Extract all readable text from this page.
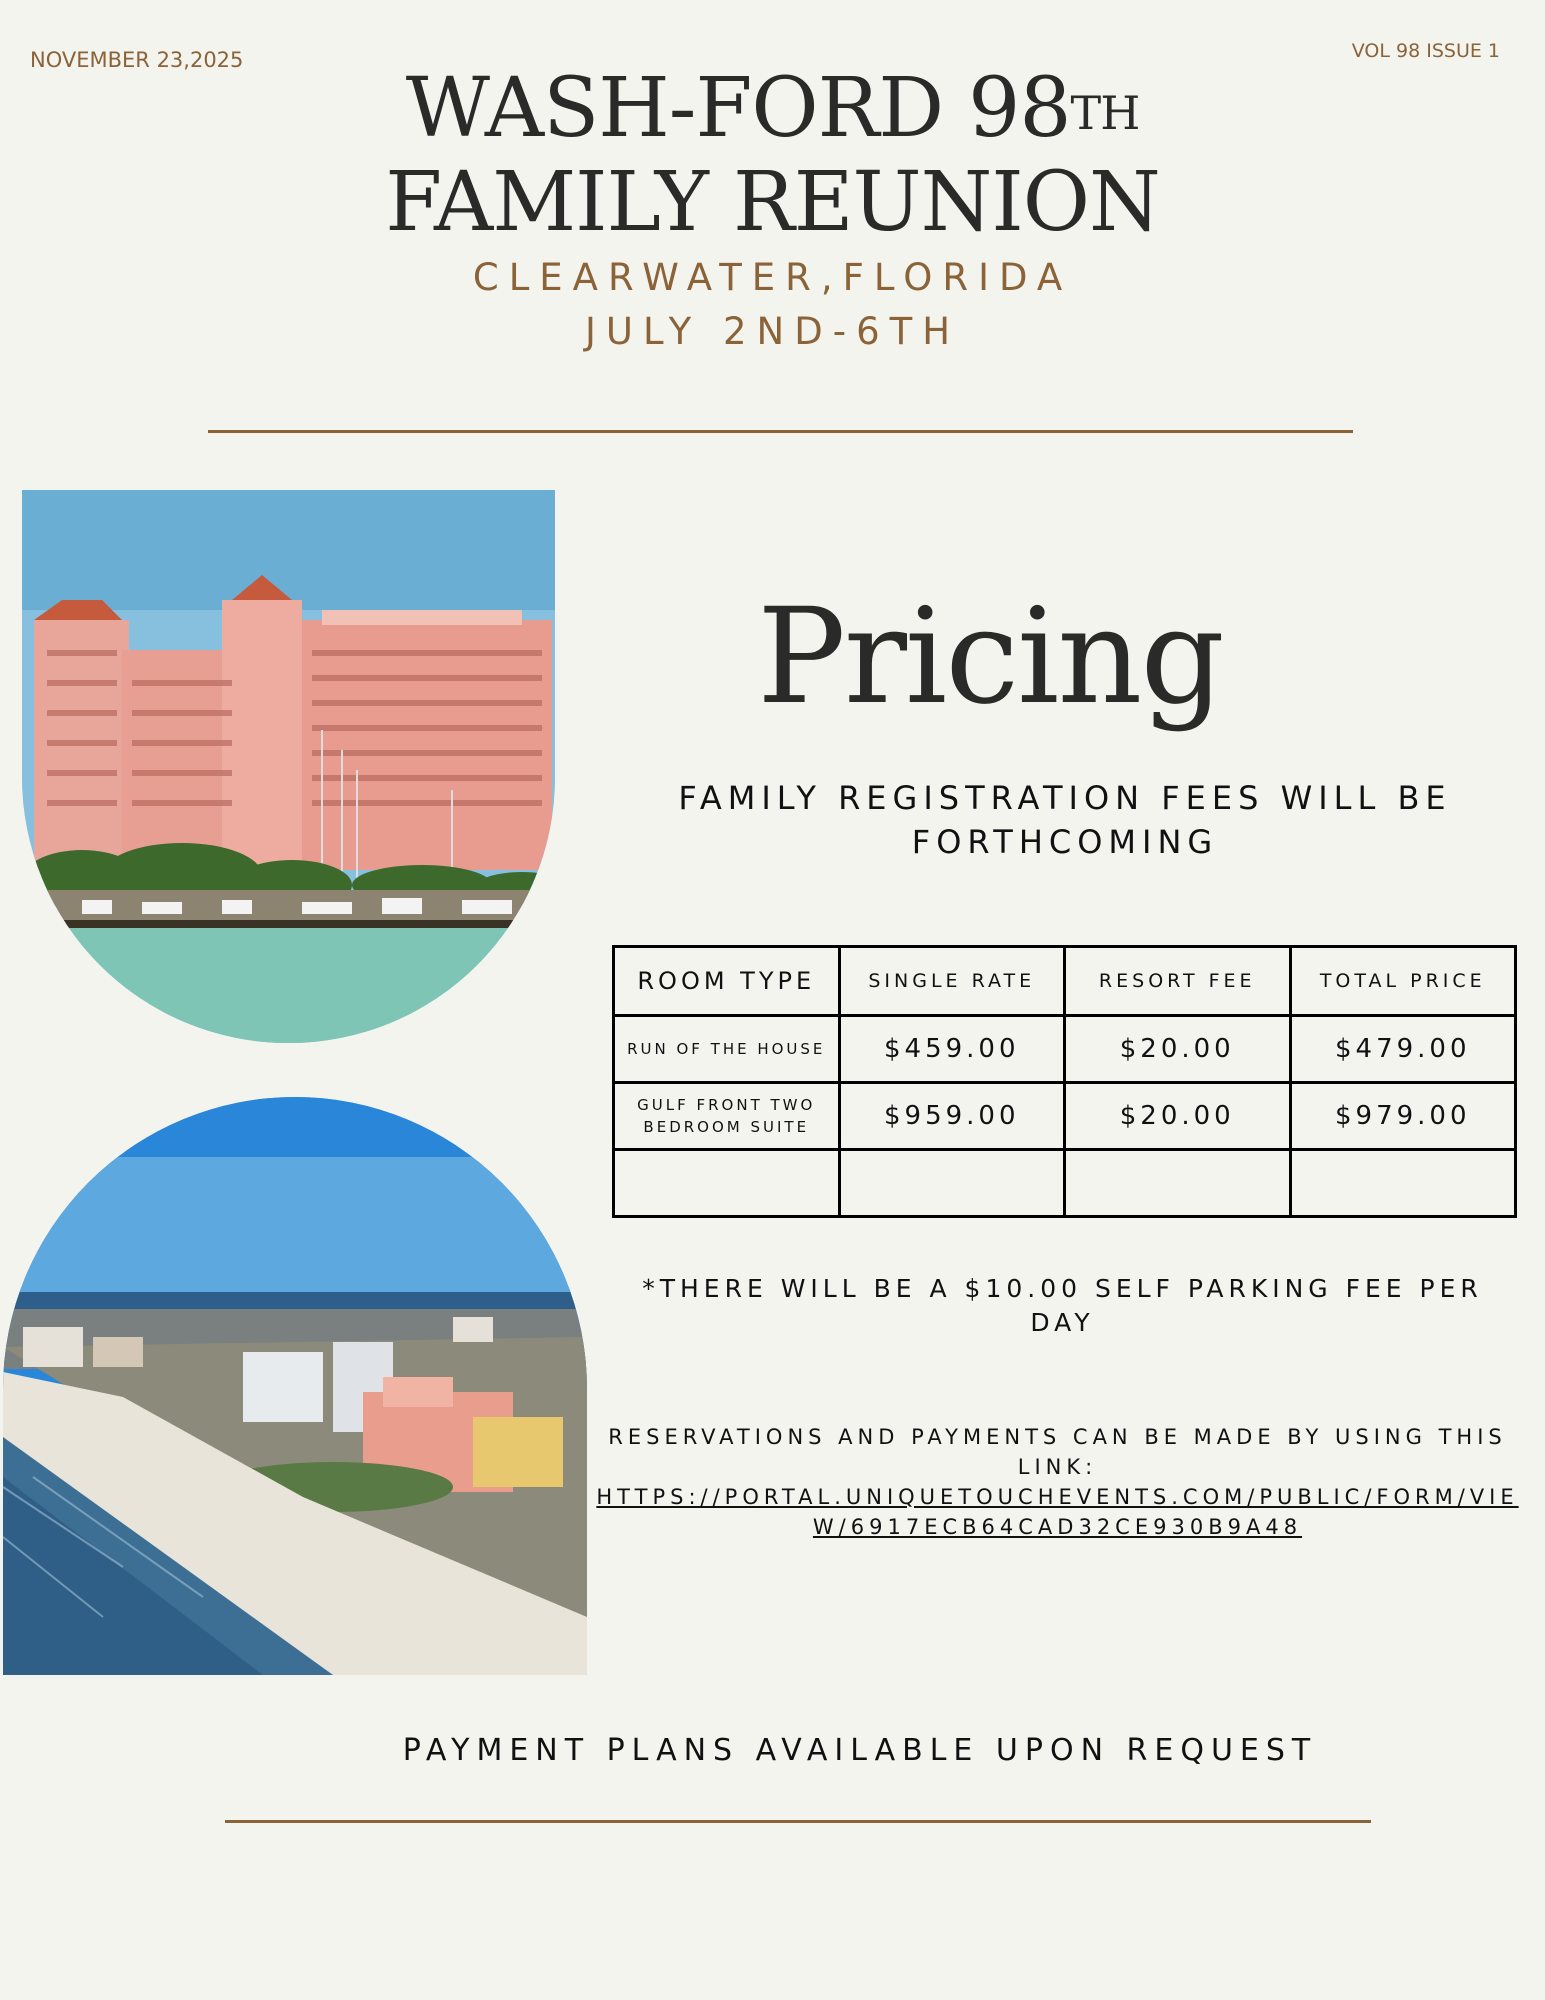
NOVEMBER 23,2025	VOL 98 ISSUE 1
WASH-FORD 98TH
FAMILY REUNION
CLEARWATER,FLORIDA
JULY 2ND-6TH
Pricing
FAMILY REGISTRATION FEES WILL BE FORTHCOMING
ROOM TYPE	SINGLE RATE	RESORT FEE	TOTAL PRICE
RUN OF THE HOUSE	$459.00	$20.00	$479.00
GULF FRONT TWO BEDROOM SUITE	$959.00	$20.00	$979.00

*THERE WILL BE A $10.00 SELF PARKING FEE PER DAY
RESERVATIONS AND PAYMENTS CAN BE MADE BY USING THIS LINK:
HTTPS://PORTAL.UNIQUETOUCHEVENTS.COM/PUBLIC/FORM/VIEW/6917ECB64CAD32CE930B9A48
PAYMENT PLANS AVAILABLE UPON REQUEST
